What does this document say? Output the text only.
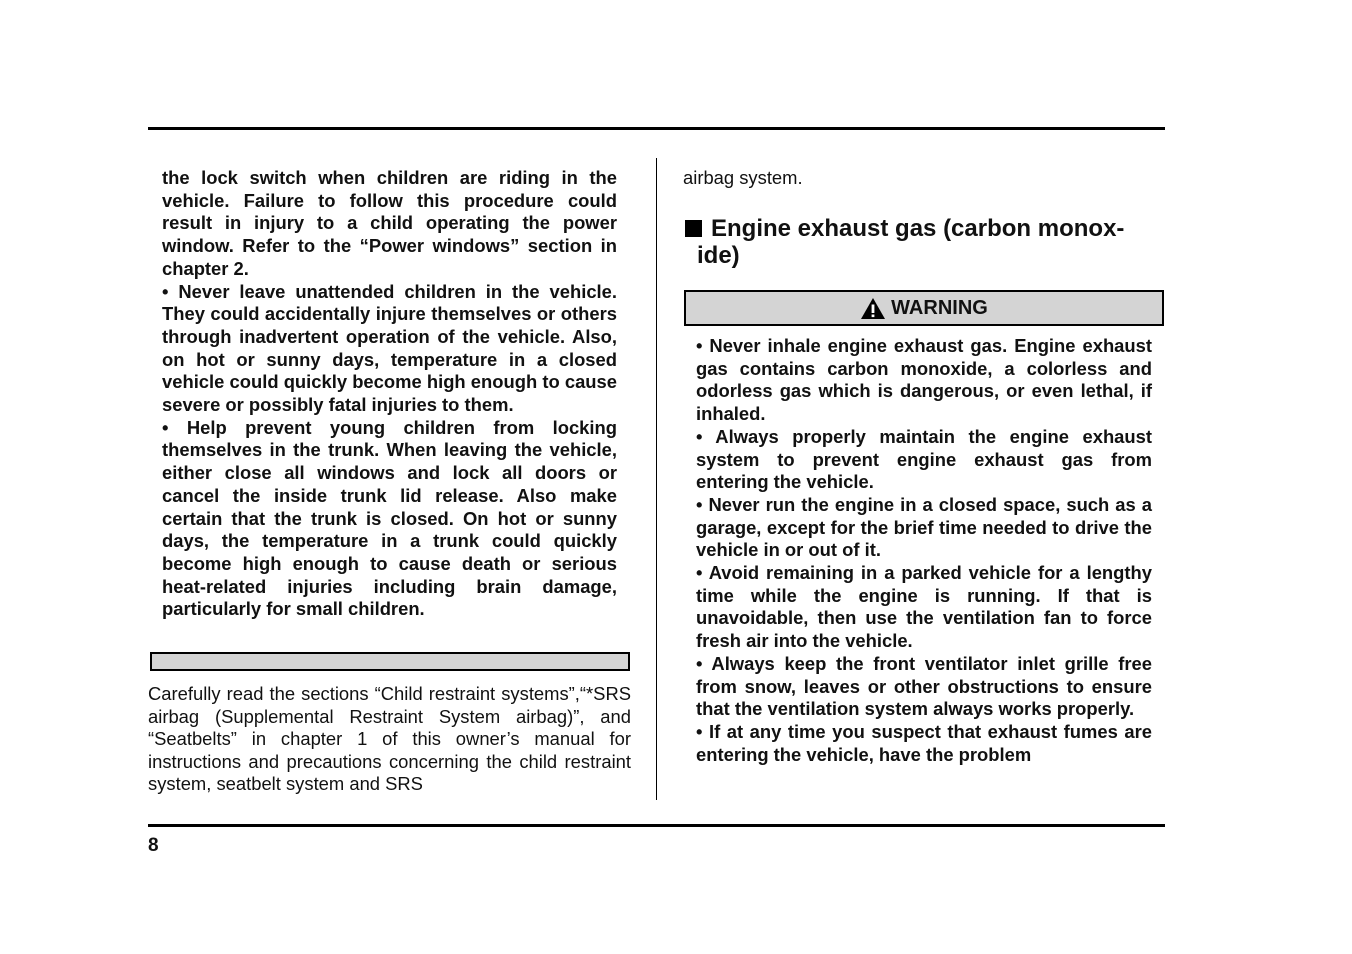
the lock switch when children are riding in the vehicle. Failure to follow this procedure could result in injury to a child operating the power window. Refer to the “Power windows” section in chapter 2.

• Never leave unattended children in the vehicle. They could accidentally injure themselves or others through inadvertent operation of the vehicle. Also, on hot or sunny days, temperature in a closed vehicle could quickly become high enough to cause severe or possibly fatal injuries to them.

• Help prevent young children from locking themselves in the trunk. When leaving the vehicle, either close all windows and lock all doors or cancel the inside trunk lid release. Also make certain that the trunk is closed. On hot or sunny days, the temperature in a trunk could quickly become high enough to cause death or serious heat-related injuries including brain damage, particularly for small children.

Carefully read the sections “Child restraint systems”,“*SRS airbag (Supplemental Restraint System airbag)”, and “Seatbelts” in chapter 1 of this owner’s manual for instructions and precautions concerning the child restraint system, seatbelt system and SRS

airbag system.

Engine exhaust gas (carbon monox-
ide)
WARNING

• Never inhale engine exhaust gas. Engine exhaust gas contains carbon monoxide, a colorless and odorless gas which is dangerous, or even lethal, if inhaled.

• Always properly maintain the engine exhaust system to prevent engine exhaust gas from entering the vehicle.

• Never run the engine in a closed space, such as a garage, except for the brief time needed to drive the vehicle in or out of it.

• Avoid remaining in a parked vehicle for a lengthy time while the engine is running. If that is unavoidable, then use the ventilation fan to force fresh air into the vehicle.

• Always keep the front ventilator inlet grille free from snow, leaves or other obstructions to ensure that the ventilation system always works properly.

• If at any time you suspect that exhaust fumes are entering the vehicle, have the problem

8
